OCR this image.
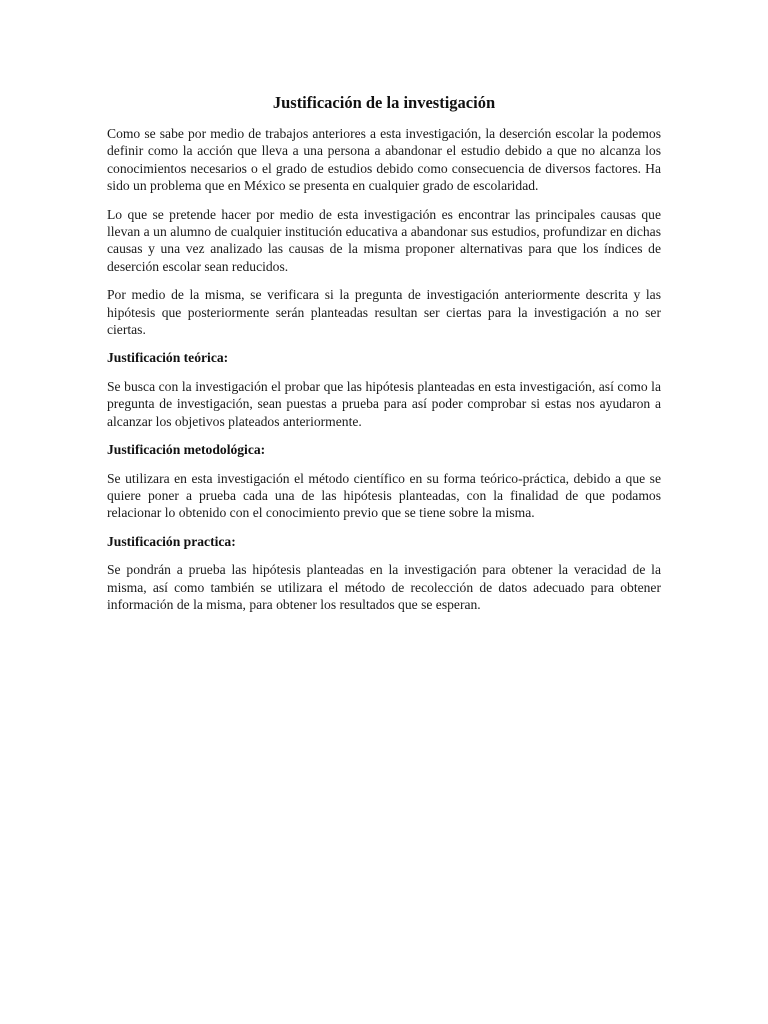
Justificación de la investigación

Como se sabe por medio de trabajos anteriores a esta investigación, la deserción escolar la podemos definir como la acción que lleva a una persona a abandonar el estudio debido a que no alcanza los conocimientos necesarios o el grado de estudios debido como consecuencia de diversos factores. Ha sido un problema que en México se presenta en cualquier grado de escolaridad.

Lo que se pretende hacer por medio de esta investigación es encontrar las principales causas que llevan a un alumno de cualquier institución educativa a abandonar sus estudios, profundizar en dichas causas y una vez analizado las causas de la misma proponer alternativas para que los índices de deserción escolar sean reducidos.

Por medio de la misma, se verificara si la pregunta de investigación anteriormente descrita y las hipótesis que posteriormente serán planteadas resultan ser ciertas para la investigación a no ser ciertas.

Justificación teórica:

Se busca con la investigación el probar que las hipótesis planteadas en esta investigación, así como la pregunta de investigación, sean puestas a prueba para así poder comprobar si estas nos ayudaron a alcanzar los objetivos plateados anteriormente.

Justificación metodológica:

Se utilizara en esta investigación el método científico en su forma teórico-práctica, debido a que se quiere poner a prueba cada una de las hipótesis planteadas, con la finalidad de que podamos relacionar lo obtenido con el conocimiento previo que se tiene sobre la misma.

Justificación practica:

Se pondrán a prueba las hipótesis planteadas en la investigación para obtener la veracidad de la misma, así como también se utilizara el método de recolección de datos adecuado para obtener información de la misma, para obtener los resultados que se esperan.
